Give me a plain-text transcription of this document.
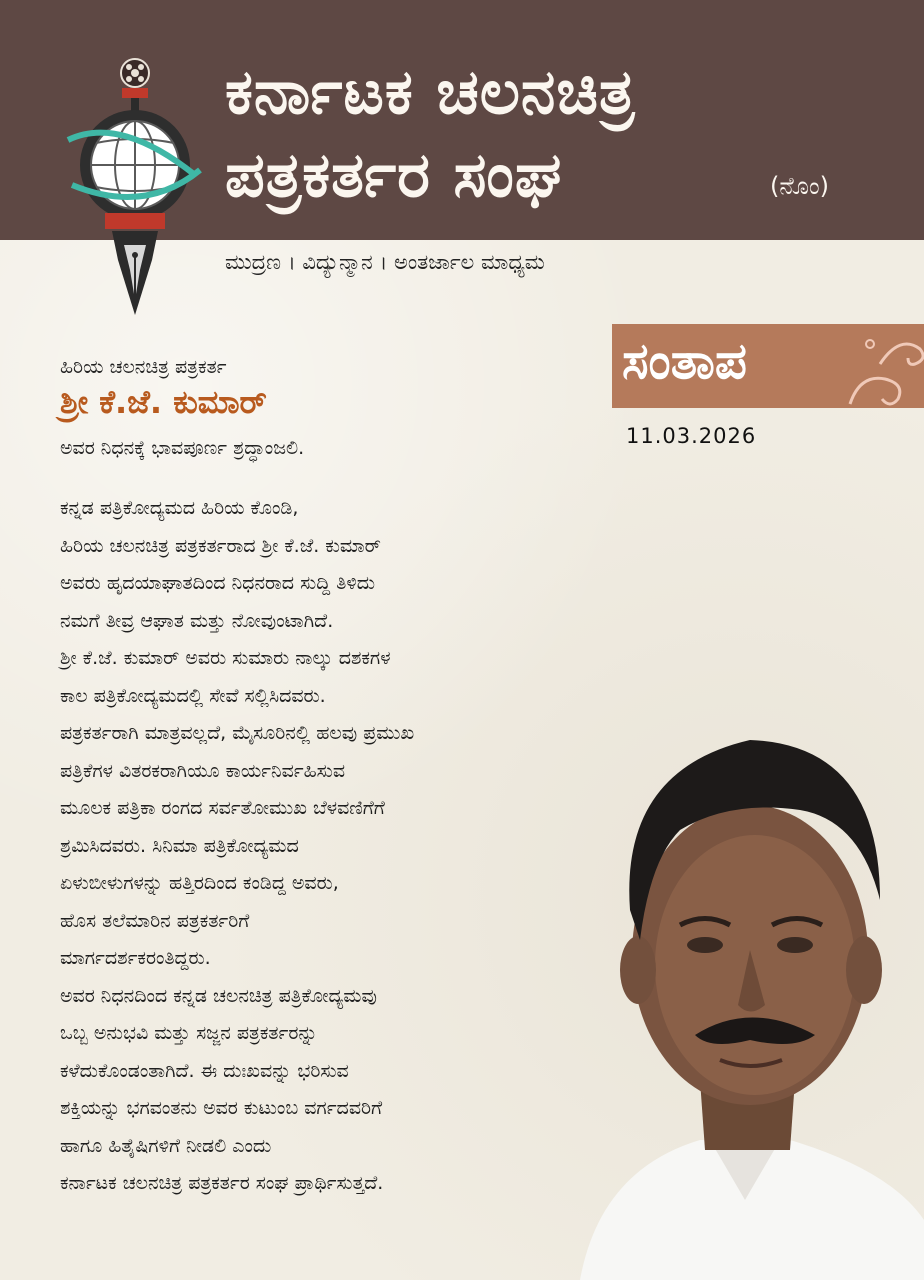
ಕರ್ನಾಟಕ ಚಲನಚಿತ್ರ
ಪತ್ರಕರ್ತರ ಸಂಘ	(ನೊಂ)
ಮುದ್ರಣ । ವಿದ್ಯುನ್ಮಾನ । ಅಂತರ್ಜಾಲ ಮಾಧ್ಯಮ
ಸಂತಾಪ
11.03.2026
ಹಿರಿಯ ಚಲನಚಿತ್ರ ಪತ್ರಕರ್ತ
ಶ್ರೀ ಕೆ.ಜೆ. ಕುಮಾರ್
ಅವರ ನಿಧನಕ್ಕೆ ಭಾವಪೂರ್ಣ ಶ್ರದ್ಧಾಂಜಲಿ.
ಕನ್ನಡ ಪತ್ರಿಕೋದ್ಯಮದ ಹಿರಿಯ ಕೊಂಡಿ,
ಹಿರಿಯ ಚಲನಚಿತ್ರ ಪತ್ರಕರ್ತರಾದ ಶ್ರೀ ಕೆ.ಜೆ. ಕುಮಾರ್
ಅವರು ಹೃದಯಾಘಾತದಿಂದ ನಿಧನರಾದ ಸುದ್ದಿ ತಿಳಿದು
ನಮಗೆ ತೀವ್ರ ಆಘಾತ ಮತ್ತು ನೋವುಂಟಾಗಿದೆ.
ಶ್ರೀ ಕೆ.ಜೆ. ಕುಮಾರ್ ಅವರು ಸುಮಾರು ನಾಲ್ಕು ದಶಕಗಳ
ಕಾಲ ಪತ್ರಿಕೋದ್ಯಮದಲ್ಲಿ ಸೇವೆ ಸಲ್ಲಿಸಿದವರು.
ಪತ್ರಕರ್ತರಾಗಿ ಮಾತ್ರವಲ್ಲದೆ, ಮೈಸೂರಿನಲ್ಲಿ ಹಲವು ಪ್ರಮುಖ
ಪತ್ರಿಕೆಗಳ ವಿತರಕರಾಗಿಯೂ ಕಾರ್ಯನಿರ್ವಹಿಸುವ
ಮೂಲಕ ಪತ್ರಿಕಾ ರಂಗದ ಸರ್ವತೋಮುಖ ಬೆಳವಣಿಗೆಗೆ
ಶ್ರಮಿಸಿದವರು. ಸಿನಿಮಾ ಪತ್ರಿಕೋದ್ಯಮದ
ಏಳುಬೀಳುಗಳನ್ನು ಹತ್ತಿರದಿಂದ ಕಂಡಿದ್ದ ಅವರು,
ಹೊಸ ತಲೆಮಾರಿನ ಪತ್ರಕರ್ತರಿಗೆ
ಮಾರ್ಗದರ್ಶಕರಂತಿದ್ದರು.
ಅವರ ನಿಧನದಿಂದ ಕನ್ನಡ ಚಲನಚಿತ್ರ ಪತ್ರಿಕೋದ್ಯಮವು
ಒಬ್ಬ ಅನುಭವಿ ಮತ್ತು ಸಜ್ಜನ ಪತ್ರಕರ್ತರನ್ನು
ಕಳೆದುಕೊಂಡಂತಾಗಿದೆ. ಈ ದುಃಖವನ್ನು ಭರಿಸುವ
ಶಕ್ತಿಯನ್ನು ಭಗವಂತನು ಅವರ ಕುಟುಂಬ ವರ್ಗದವರಿಗೆ
ಹಾಗೂ ಹಿತೈಷಿಗಳಿಗೆ ನೀಡಲಿ ಎಂದು
ಕರ್ನಾಟಕ ಚಲನಚಿತ್ರ ಪತ್ರಕರ್ತರ ಸಂಘ ಪ್ರಾರ್ಥಿಸುತ್ತದೆ.
